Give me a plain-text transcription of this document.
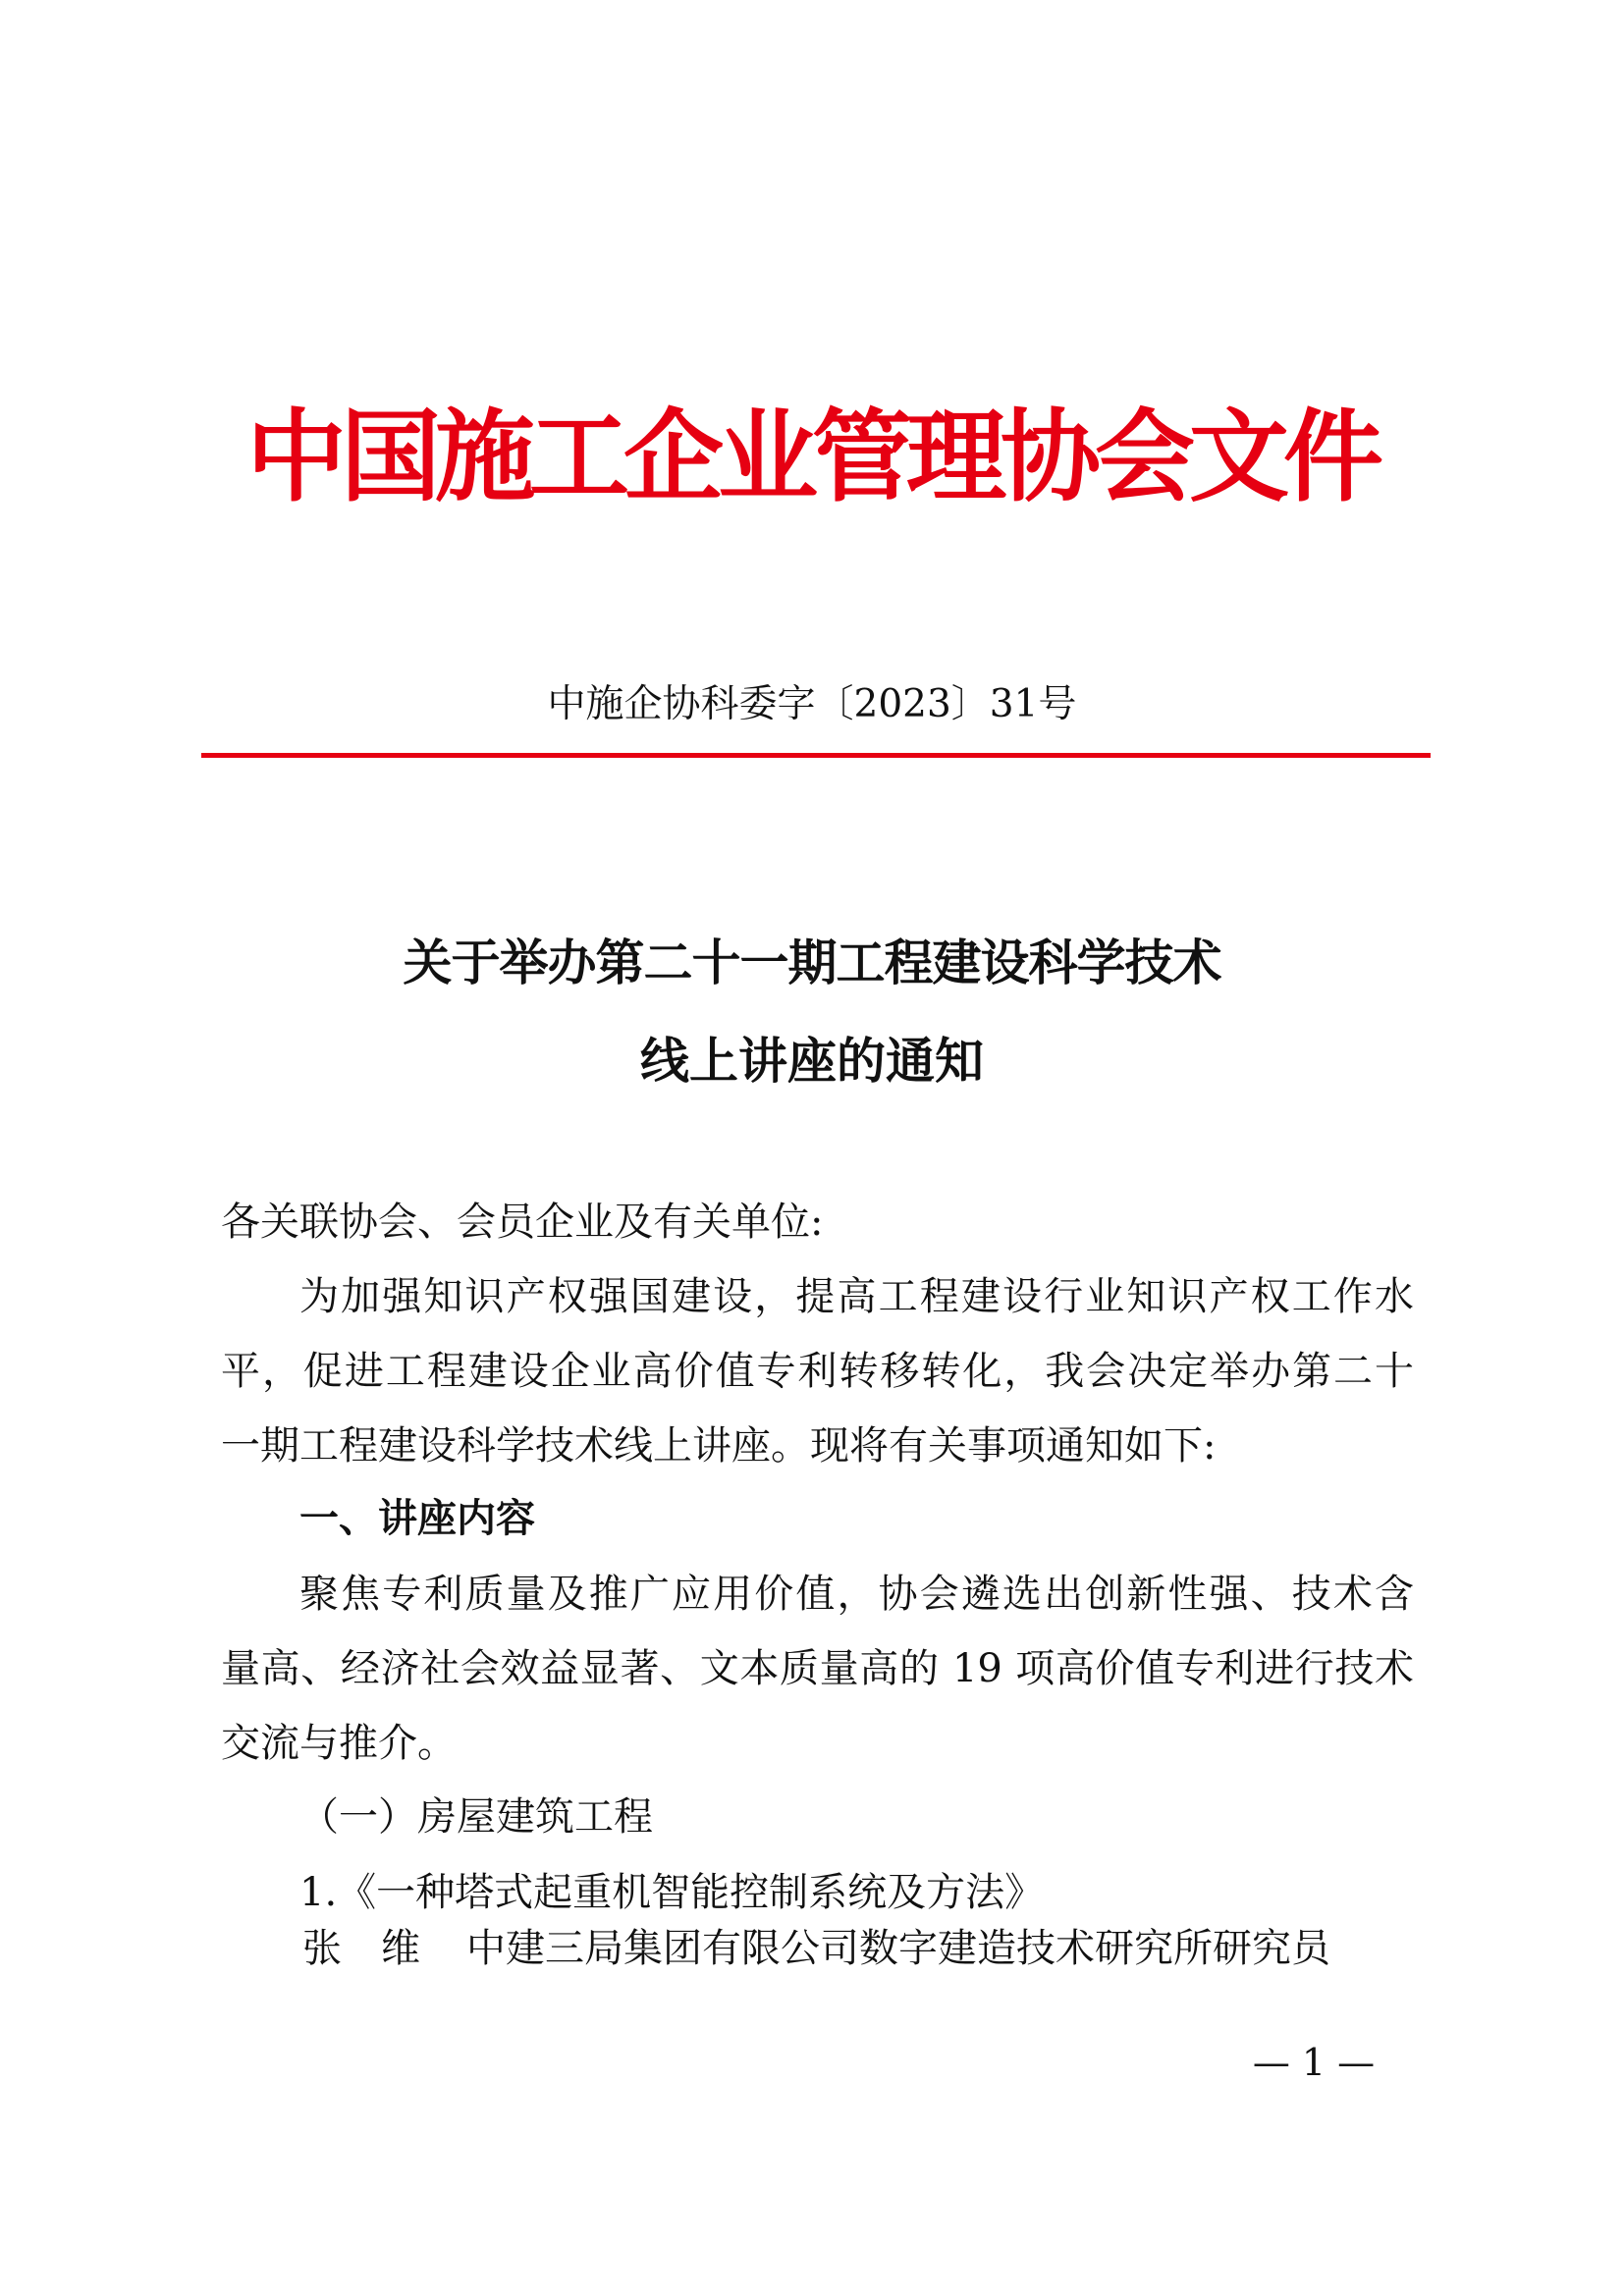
中国施工企业管理协会文件
中施企协科委字〔2023〕31号
关于举办第二十一期工程建设科学技术
线上讲座的通知
各关联协会、会员企业及有关单位:
为加强知识产权强国建设，提高工程建设行业知识产权工作水
平，促进工程建设企业高价值专利转移转化，我会决定举办第二十
一期工程建设科学技术线上讲座。现将有关事项通知如下:
一、讲座内容
聚焦专利质量及推广应用价值，协会遴选出创新性强、技术含
量高、经济社会效益显著、文本质量高的 19 项高价值专利进行技术
交流与推介。
（一）房屋建筑工程
1.《一种塔式起重机智能控制系统及方法》
张　维 中建三局集团有限公司数字建造技术研究所研究员
— 1 —
